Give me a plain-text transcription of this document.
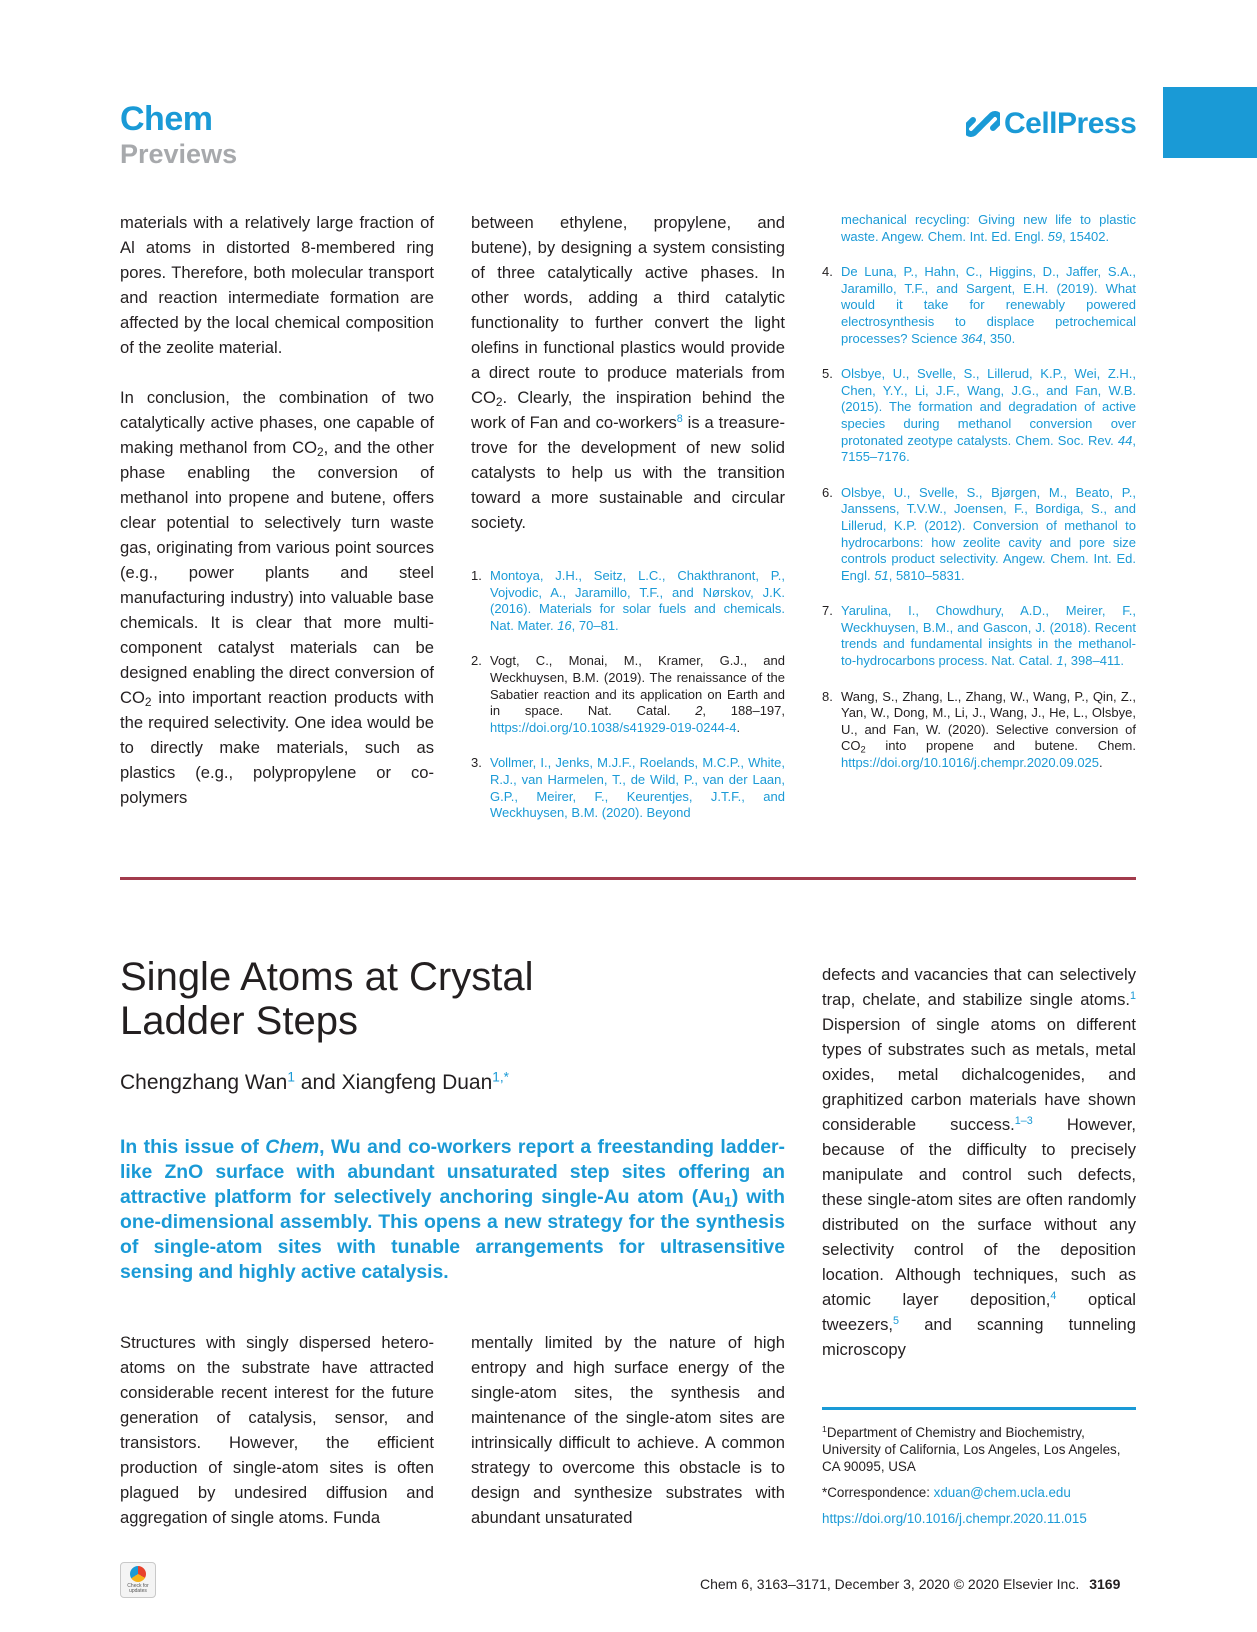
Chem
Previews
CellPress

materials with a relatively large fraction of Al atoms in distorted 8-membered ring pores. Therefore, both molecular transport and reaction intermediate formation are affected by the local chemical composition of the zeolite material.

In conclusion, the combination of two catalytically active phases, one capable of making methanol from $CO_2$, and the other phase enabling the conversion of methanol into propene and butene, offers clear potential to selectively turn waste gas, originating from various point sources (e.g., power plants and steel manufacturing industry) into valuable base chemicals. It is clear that more multi-component catalyst materials can be designed enabling the direct conversion of $CO_2$ into important reaction products with the required selectivity. One idea would be to directly make materials, such as plastics (e.g., polypropylene or co-polymers

between ethylene, propylene, and butene), by designing a system consisting of three catalytically active phases. In other words, adding a third catalytic functionality to further convert the light olefins in functional plastics would provide a direct route to produce materials from $CO_2$. Clearly, the inspiration behind the work of Fan and co-workers$^8$ is a treasure-trove for the development of new solid catalysts to help us with the transition toward a more sustainable and circular society.

1. Montoya, J.H., Seitz, L.C., Chakthranont, P., Vojvodic, A., Jaramillo, T.F., and Nørskov, J.K. (2016). Materials for solar fuels and chemicals. Nat. Mater. 16, 70–81.
2. Vogt, C., Monai, M., Kramer, G.J., and Weckhuysen, B.M. (2019). The renaissance of the Sabatier reaction and its application on Earth and in space. Nat. Catal. 2, 188–197, https://doi.org/10.1038/s41929-019-0244-4.
3. Vollmer, I., Jenks, M.J.F., Roelands, M.C.P., White, R.J., van Harmelen, T., de Wild, P., van der Laan, G.P., Meirer, F., Keurentjes, J.T.F., and Weckhuysen, B.M. (2020). Beyond
mechanical recycling: Giving new life to plastic waste. Angew. Chem. Int. Ed. Engl. 59, 15402.
4. De Luna, P., Hahn, C., Higgins, D., Jaffer, S.A., Jaramillo, T.F., and Sargent, E.H. (2019). What would it take for renewably powered electrosynthesis to displace petrochemical processes? Science 364, 350.
5. Olsbye, U., Svelle, S., Lillerud, K.P., Wei, Z.H., Chen, Y.Y., Li, J.F., Wang, J.G., and Fan, W.B. (2015). The formation and degradation of active species during methanol conversion over protonated zeotype catalysts. Chem. Soc. Rev. 44, 7155–7176.
6. Olsbye, U., Svelle, S., Bjørgen, M., Beato, P., Janssens, T.V.W., Joensen, F., Bordiga, S., and Lillerud, K.P. (2012). Conversion of methanol to hydrocarbons: how zeolite cavity and pore size controls product selectivity. Angew. Chem. Int. Ed. Engl. 51, 5810–5831.
7. Yarulina, I., Chowdhury, A.D., Meirer, F., Weckhuysen, B.M., and Gascon, J. (2018). Recent trends and fundamental insights in the methanol-to-hydrocarbons process. Nat. Catal. 1, 398–411.
8. Wang, S., Zhang, L., Zhang, W., Wang, P., Qin, Z., Yan, W., Dong, M., Li, J., Wang, J., He, L., Olsbye, U., and Fan, W. (2020). Selective conversion of $CO_2$ into propene and butene. Chem. https://doi.org/10.1016/j.chempr.2020.09.025.
Single Atoms at Crystal
Ladder Steps
Chengzhang Wan$^1$ and Xiangfeng Duan$^{1,*}$
In this issue of Chem, Wu and co-workers report a freestanding ladder-like ZnO surface with abundant unsaturated step sites offering an attractive platform for selectively anchoring single-Au atom $(Au_1)$ with one-dimensional assembly. This opens a new strategy for the synthesis of single-atom sites with tunable arrangements for ultrasensitive sensing and highly active catalysis.

Structures with singly dispersed heteroatoms on the substrate have attracted considerable recent interest for the future generation of catalysis, sensor, and transistors. However, the efficient production of single-atom sites is often plagued by undesired diffusion and aggregation of single atoms. Funda

mentally limited by the nature of high entropy and high surface energy of the single-atom sites, the synthesis and maintenance of the single-atom sites are intrinsically difficult to achieve. A common strategy to overcome this obstacle is to design and synthesize substrates with abundant unsaturated

defects and vacancies that can selectively trap, chelate, and stabilize single atoms.$^1$ Dispersion of single atoms on different types of substrates such as metals, metal oxides, metal dichalcogenides, and graphitized carbon materials have shown considerable success.$^{1-3}$ However, because of the difficulty to precisely manipulate and control such defects, these single-atom sites are often randomly distributed on the surface without any selectivity control of the deposition location. Although techniques, such as atomic layer deposition,$^4$ optical tweezers,$^5$ and scanning tunneling microscopy

$^1$Department of Chemistry and Biochemistry, University of California, Los Angeles, Los Angeles, CA 90095, USA
*Correspondence: xduan@chem.ucla.edu
https://doi.org/10.1016/j.chempr.2020.11.015
Check for updates	Chem 6, 3163–3171, December 3, 2020 © 2020 Elsevier Inc. 3169
